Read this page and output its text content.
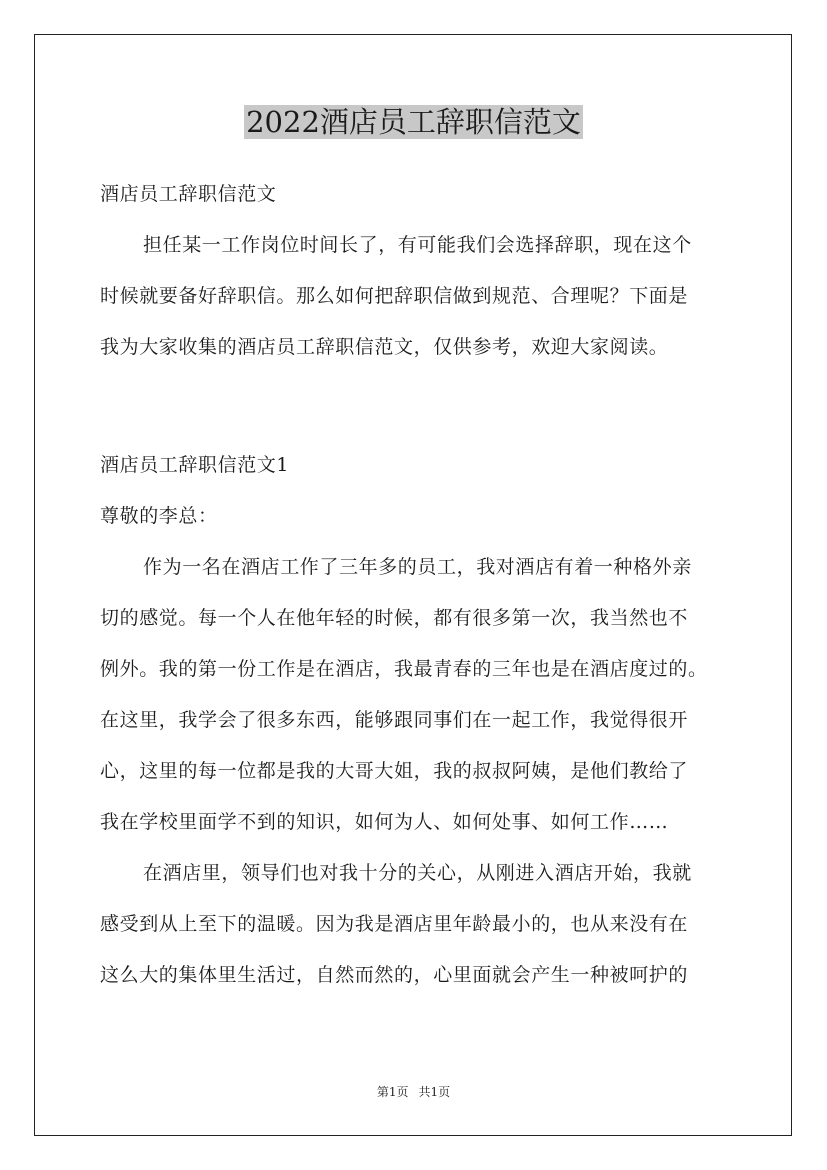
2022酒店员工辞职信范文
酒店员工辞职信范文
担任某一工作岗位时间长了，有可能我们会选择辞职，现在这个
时候就要备好辞职信。那么如何把辞职信做到规范、合理呢？下面是
我为大家收集的酒店员工辞职信范文，仅供参考，欢迎大家阅读。
酒店员工辞职信范文1
尊敬的李总：
作为一名在酒店工作了三年多的员工，我对酒店有着一种格外亲
切的感觉。每一个人在他年轻的时候，都有很多第一次，我当然也不
例外。我的第一份工作是在酒店，我最青春的三年也是在酒店度过的。
在这里，我学会了很多东西，能够跟同事们在一起工作，我觉得很开
心，这里的每一位都是我的大哥大姐，我的叔叔阿姨，是他们教给了
我在学校里面学不到的知识，如何为人、如何处事、如何工作……
在酒店里，领导们也对我十分的关心，从刚进入酒店开始，我就
感受到从上至下的温暖。因为我是酒店里年龄最小的，也从来没有在
这么大的集体里生活过，自然而然的，心里面就会产生一种被呵护的
第1页 共1页
